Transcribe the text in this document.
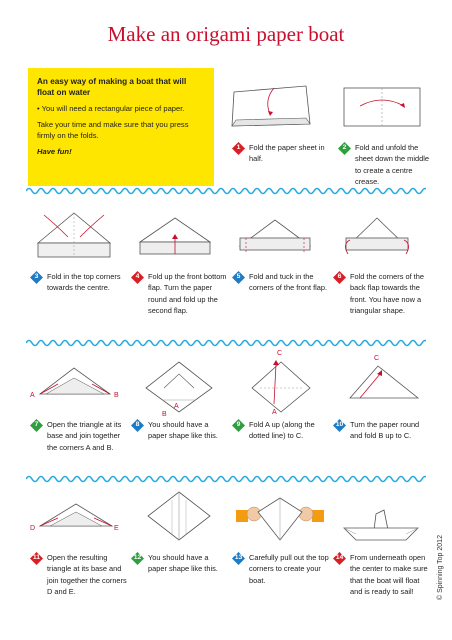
Make an origami paper boat
An easy way of making a boat that will float on water
• You will need a rectangular piece of paper.
Take your time and make sure that you press firmly on the folds.
Have fun!
A	B
B
A
C
A
C
D	E
1 Fold the paper sheet in half.
2 Fold and unfold the sheet down the middle to create a centre crease.
3 Fold in the top corners towards the centre.
4 Fold up the front bottom flap. Turn the paper round and fold up the second flap.
5 Fold and tuck in the corners of the front flap.
6 Fold the corners of the back flap towards the front. You have now a triangular shape.
7 Open the triangle at its base and join together the corners A and B.
8 You should have a paper shape like this.
9 Fold A up (along the dotted line) to C.
10 Turn the paper round and fold B up to C.
11 Open the resulting triangle at its base and join together the corners D and E.
12 You should have a paper shape like this.
13 Carefully pull out the top corners to create your boat.
14 From underneath open the center to make sure that the boat will float and is ready to sail!	© Spinning Top 2012
